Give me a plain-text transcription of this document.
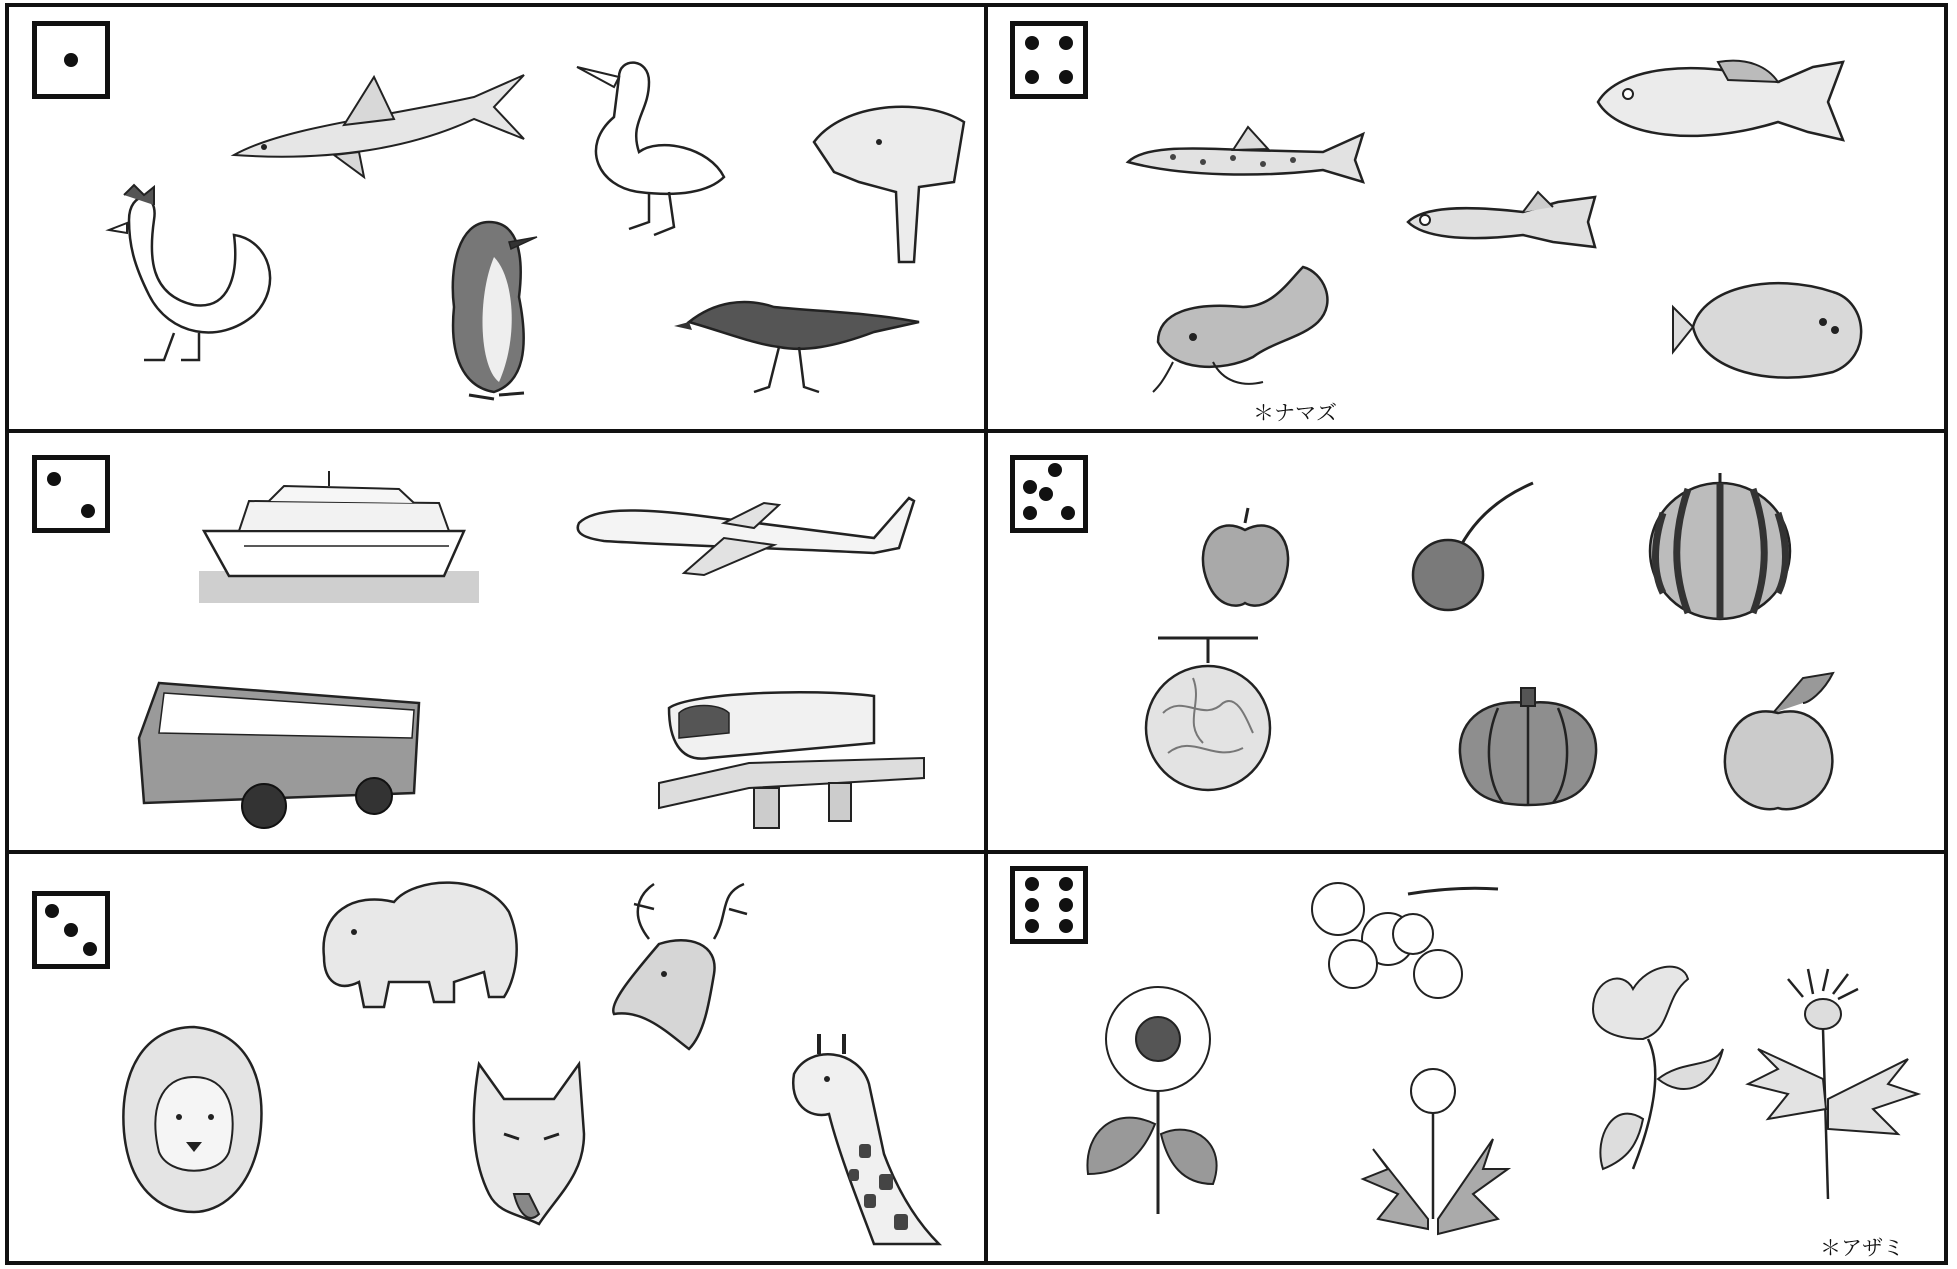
＊ナマズ
＊アザミ
